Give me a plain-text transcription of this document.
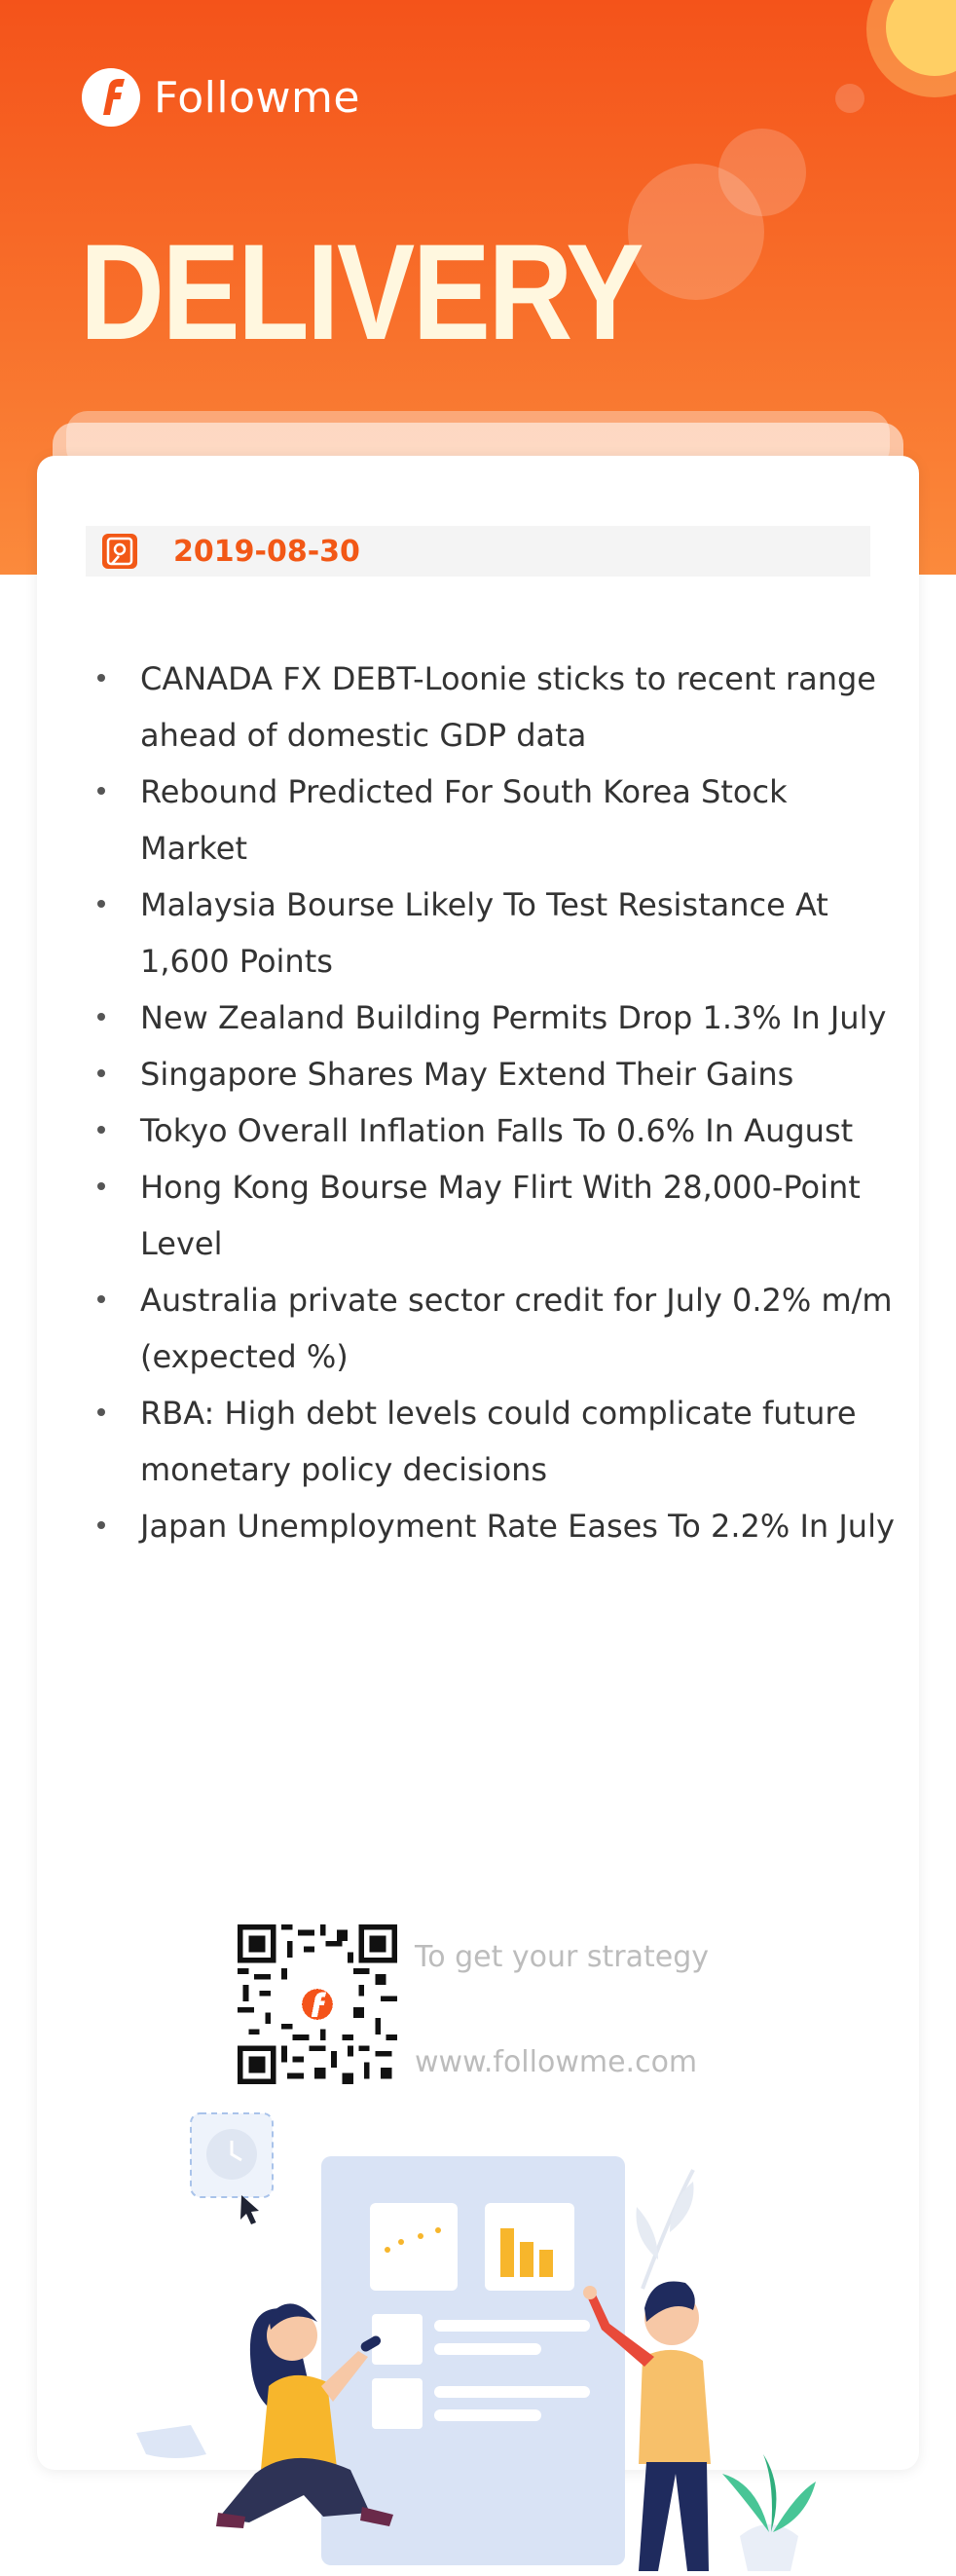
Followme
DELIVERY
2019-08-30
CANADA FX DEBT-Loonie sticks to recent range ahead of domestic GDP data
Rebound Predicted For South Korea Stock Market
Malaysia Bourse Likely To Test Resistance At 1,600 Points
New Zealand Building Permits Drop 1.3% In July
Singapore Shares May Extend Their Gains
Tokyo Overall Inflation Falls To 0.6% In August
Hong Kong Bourse May Flirt With 28,000-Point Level
Australia private sector credit for July 0.2% m/m (expected %)
RBA: High debt levels could complicate future monetary policy decisions
Japan Unemployment Rate Eases To 2.2% In July
To get your strategy
www.followme.com
